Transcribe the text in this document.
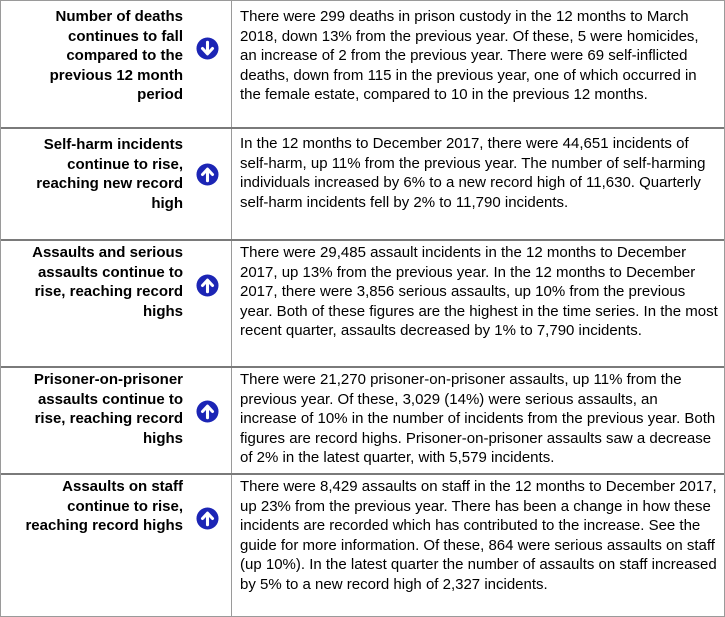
Number of deaths continues to fall compared to the previous 12 month period
There were 299 deaths in prison custody in the 12 months to March 2018, down 13% from the previous year. Of these, 5 were homicides, an increase of 2 from the previous year. There were 69 self-inflicted deaths, down from 115 in the previous year, one of which occurred in the female estate, compared to 10 in the previous 12 months.
Self-harm incidents continue to rise, reaching new record high
In the 12 months to December 2017, there were 44,651 incidents of self-harm, up 11% from the previous year. The number of self-harming individuals increased by 6% to a new record high of 11,630. Quarterly self-harm incidents fell by 2% to 11,790 incidents.
Assaults and serious assaults continue to rise, reaching record highs
There were 29,485 assault incidents in the 12 months to December 2017, up 13% from the previous year. In the 12 months to December 2017, there were 3,856 serious assaults, up 10% from the previous year. Both of these figures are the highest in the time series. In the most recent quarter, assaults decreased by 1% to 7,790 incidents.
Prisoner-on-prisoner assaults continue to rise, reaching record highs
There were 21,270 prisoner-on-prisoner assaults, up 11% from the previous year. Of these, 3,029 (14%) were serious assaults, an increase of 10% in the number of incidents from the previous year. Both figures are record highs. Prisoner-on-prisoner assaults saw a decrease of 2% in the latest quarter, with 5,579 incidents.
Assaults on staff continue to rise, reaching record highs
There were 8,429 assaults on staff in the 12 months to December 2017, up 23% from the previous year. There has been a change in how these incidents are recorded which has contributed to the increase. See the guide for more information. Of these, 864 were serious assaults on staff (up 10%). In the latest quarter the number of assaults on staff increased by 5% to a new record high of 2,327 incidents.
